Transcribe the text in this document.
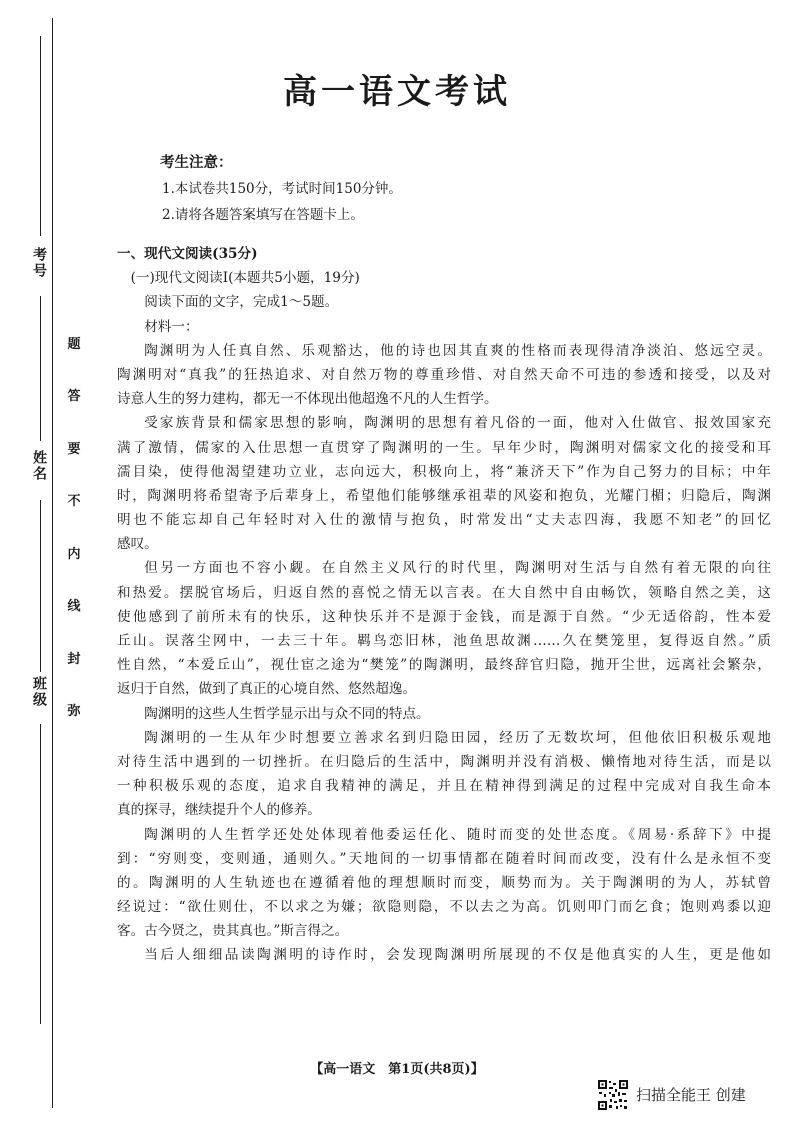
考号
姓名
班级
题
答
要
不
内
线
封
弥
高一语文考试
考生注意：
1.本试卷共150分，考试时间150分钟。
2.请将各题答案填写在答题卡上。
一、现代文阅读(35分)
(一)现代文阅读Ⅰ(本题共5小题，19分)
阅读下面的文字，完成1～5题。
材料一：
陶渊明为人任真自然、乐观豁达，他的诗也因其直爽的性格而表现得清净淡泊、悠远空灵。
陶渊明对“真我”的狂热追求、对自然万物的尊重珍惜、对自然天命不可违的参透和接受，以及对
诗意人生的努力建构，都无一不体现出他超逸不凡的人生哲学。
受家族背景和儒家思想的影响，陶渊明的思想有着凡俗的一面，他对入仕做官、报效国家充
满了激情，儒家的入仕思想一直贯穿了陶渊明的一生。早年少时，陶渊明对儒家文化的接受和耳
濡目染，使得他渴望建功立业，志向远大，积极向上，将“兼济天下”作为自己努力的目标；中年
时，陶渊明将希望寄予后辈身上，希望他们能够继承祖辈的风姿和抱负，光耀门楣；归隐后，陶渊
明也不能忘却自己年轻时对入仕的激情与抱负，时常发出“丈夫志四海，我愿不知老”的回忆
感叹。
但另一方面也不容小觑。在自然主义风行的时代里，陶渊明对生活与自然有着无限的向往
和热爱。摆脱官场后，归返自然的喜悦之情无以言表。在大自然中自由畅饮，领略自然之美，这
使他感到了前所未有的快乐，这种快乐并不是源于金钱，而是源于自然。“少无适俗韵，性本爱
丘山。误落尘网中，一去三十年。羁鸟恋旧林，池鱼思故渊……久在樊笼里，复得返自然。”质
性自然，“本爱丘山”，视仕宦之途为“樊笼”的陶渊明，最终辞官归隐，抛开尘世，远离社会繁杂，
返归于自然，做到了真正的心境自然、悠然超逸。
陶渊明的这些人生哲学显示出与众不同的特点。
陶渊明的一生从年少时想要立善求名到归隐田园，经历了无数坎坷，但他依旧积极乐观地
对待生活中遇到的一切挫折。在归隐后的生活中，陶渊明并没有消极、懒惰地对待生活，而是以
一种积极乐观的态度，追求自我精神的满足，并且在精神得到满足的过程中完成对自我生命本
真的探寻，继续提升个人的修养。
陶渊明的人生哲学还处处体现着他委运任化、随时而变的处世态度。《周易·系辞下》中提
到：“穷则变，变则通，通则久。”天地间的一切事情都在随着时间而改变，没有什么是永恒不变
的。陶渊明的人生轨迹也在遵循着他的理想顺时而变，顺势而为。关于陶渊明的为人，苏轼曾
经说过：“欲仕则仕，不以求之为嫌；欲隐则隐，不以去之为高。饥则叩门而乞食；饱则鸡黍以迎
客。古今贤之，贵其真也。”斯言得之。
当后人细细品读陶渊明的诗作时，会发现陶渊明所展现的不仅是他真实的人生，更是他如
【高一语文　第1页(共8页)】
扫描全能王 创建
